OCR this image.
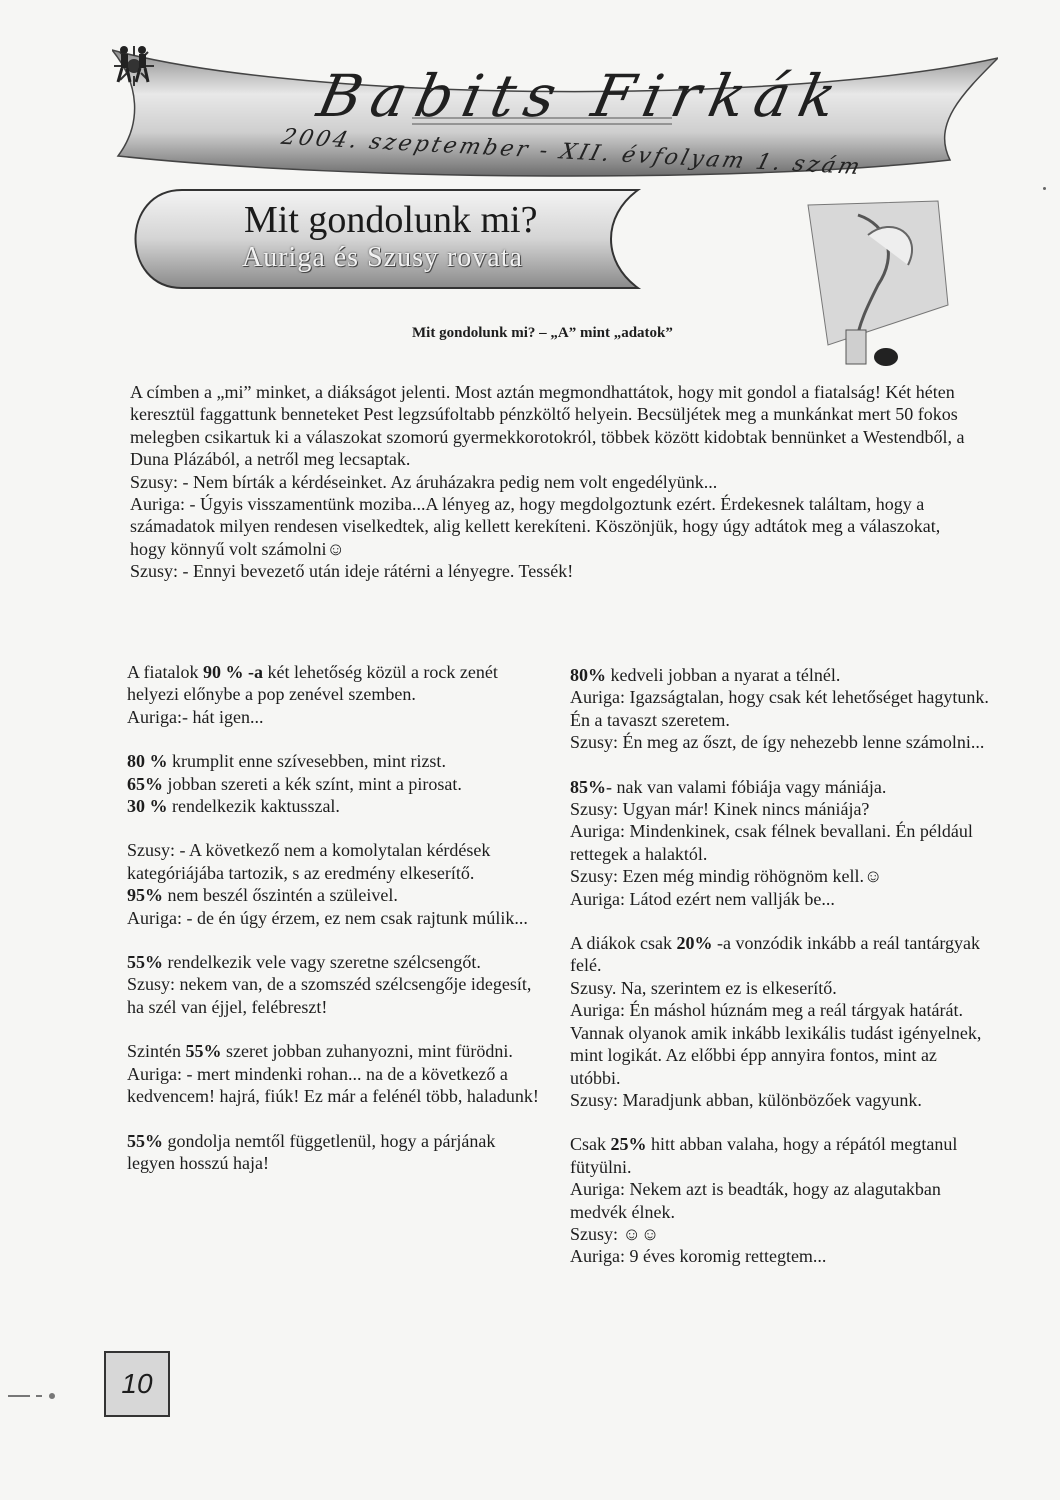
Babits Firkák
2004. szeptember - XII. évfolyam 1. szám
Mit gondolunk mi?
Auriga és Szusy rovata
Mit gondolunk mi? – „A” mint „adatok”

A címben a „mi” minket, a diákságot jelenti. Most aztán megmondhattátok, hogy mit gondol a fiatalság! Két héten keresztül faggattunk benneteket Pest legzsúfoltabb pénzköltő helyein. Becsüljétek meg a munkánkat mert 50 fokos melegben csikartuk ki a válaszokat szomorú gyermekkorotokról, többek között kidobtak bennünket a Westendből, a Duna Plázából, a netről meg lecsaptak.

Szusy: - Nem bírták a kérdéseinket. Az áruházakra pedig nem volt engedélyünk...

Auriga: - Úgyis visszamentünk moziba...A lényeg az, hogy megdolgoztunk ezért. Érdekesnek találtam, hogy a számadatok milyen rendesen viselkedtek, alig kellett kerekíteni. Köszönjük, hogy úgy adtátok meg a válaszokat, hogy könnyű volt számolni☺

Szusy: - Ennyi bevezető után ideje rátérni a lényegre. Tessék!

A fiatalok 90 % -a két lehetőség közül a rock zenét helyezi előnybe a pop zenével szemben.

Auriga:- hát igen...

80 % krumplit enne szívesebben, mint rizst.

65% jobban szereti a kék színt, mint a pirosat.

30 % rendelkezik kaktusszal.

Szusy: - A következő nem a komolytalan kérdések kategóriájába tartozik, s az eredmény elkeserítő.

95% nem beszél őszintén a szüleivel.

Auriga: - de én úgy érzem, ez nem csak rajtunk múlik...

55% rendelkezik vele vagy szeretne szélcsengőt.

Szusy: nekem van, de a szomszéd szélcsengője idegesít, ha szél van éjjel, felébreszt!

Szintén 55% szeret jobban zuhanyozni, mint fürödni.

Auriga: - mert mindenki rohan... na de a következő a kedvencem! hajrá, fiúk! Ez már a felénél több, haladunk!

55% gondolja nemtől függetlenül, hogy a párjának legyen hosszú haja!

80% kedveli jobban a nyarat a télnél.

Auriga: Igazságtalan, hogy csak két lehetőséget hagytunk. Én a tavaszt szeretem.

Szusy: Én meg az őszt, de így nehezebb lenne számolni...

85%- nak van valami fóbiája vagy mániája.

Szusy: Ugyan már! Kinek nincs mániája?

Auriga: Mindenkinek, csak félnek bevallani. Én például rettegek a halaktól.

Szusy: Ezen még mindig röhögnöm kell.☺

Auriga: Látod ezért nem vallják be...

A diákok csak 20% -a vonzódik inkább a reál tantárgyak felé.

Szusy. Na, szerintem ez is elkeserítő.

Auriga: Én máshol húznám meg a reál tárgyak határát. Vannak olyanok amik inkább lexikális tudást igényelnek, mint logikát. Az előbbi épp annyira fontos, mint az utóbbi.

Szusy: Maradjunk abban, különbözőek vagyunk.

Csak 25% hitt abban valaha, hogy a répától megtanul fütyülni.

Auriga: Nekem azt is beadták, hogy az alagutakban medvék élnek.

Szusy: ☺☺

Auriga: 9 éves koromig rettegtem...

10
